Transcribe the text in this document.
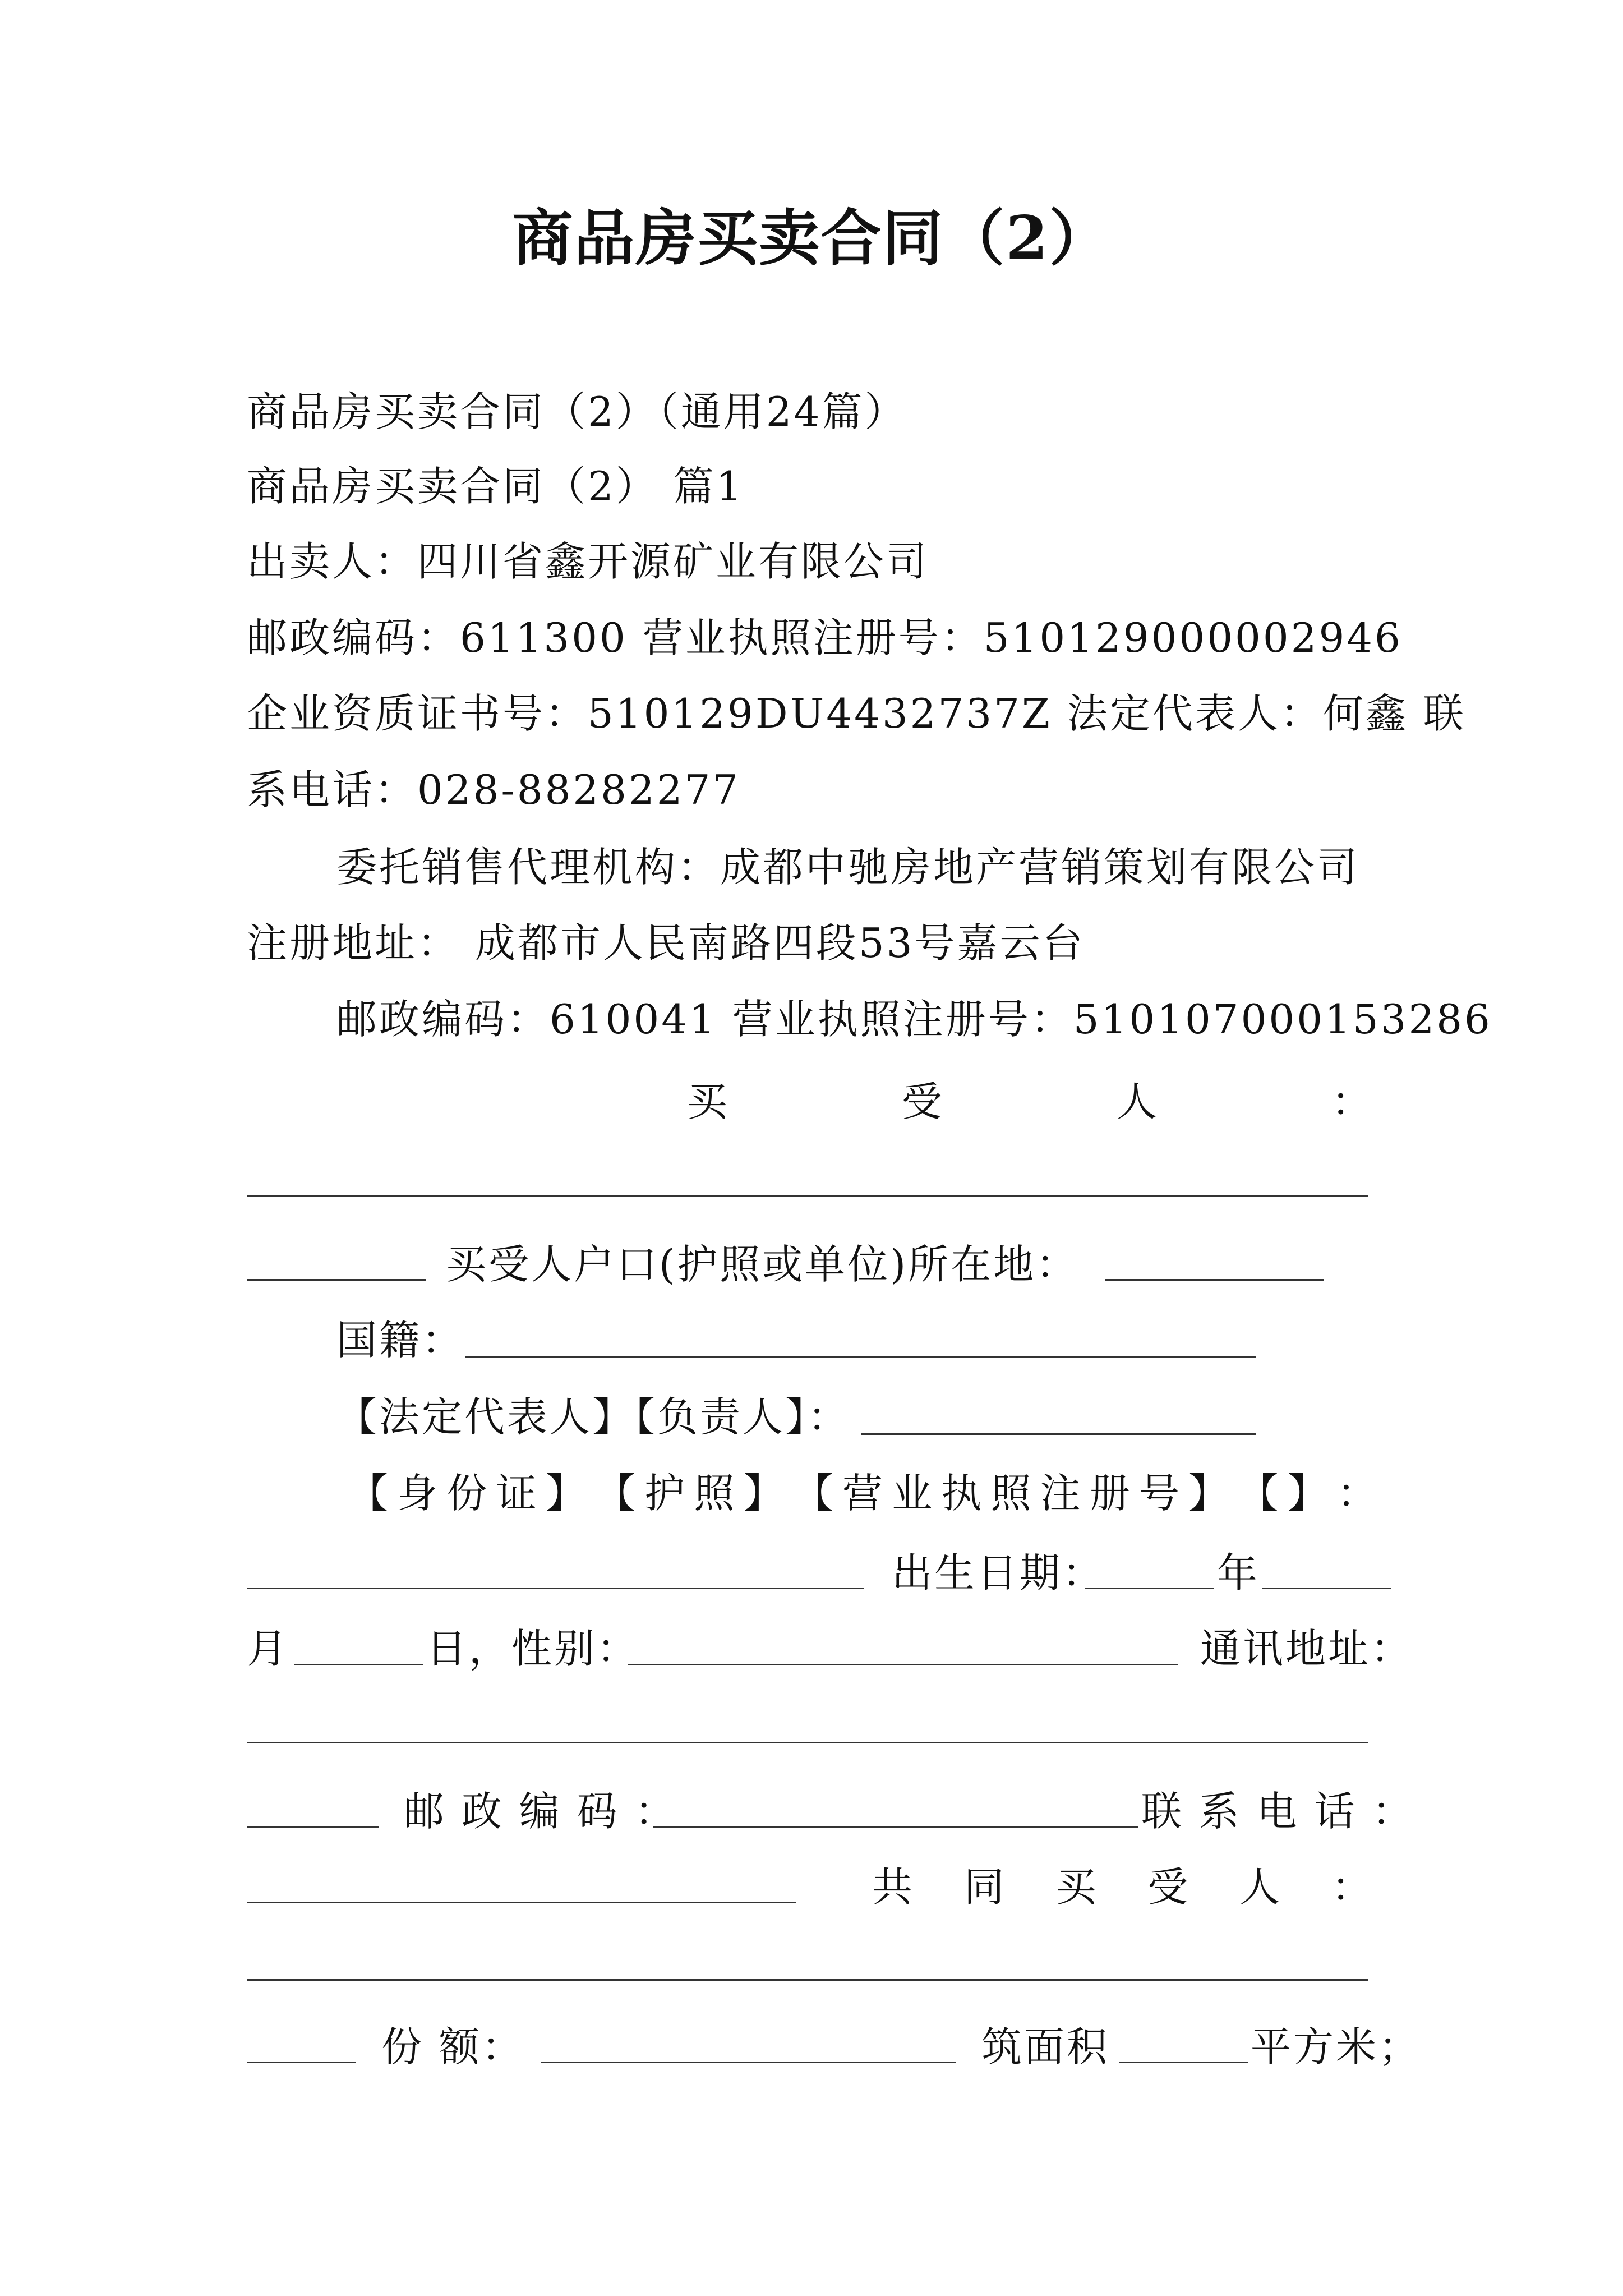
商品房买卖合同（2）
商品房买卖合同（2）（通用24篇）
商品房买卖合同（2） 篇1
出卖人：四川省鑫开源矿业有限公司
邮政编码：611300 营业执照注册号：510129000002946
企业资质证书号：510129DU4432737Z 法定代表人：何鑫 联
系电话：028-88282277
委托销售代理机构：成都中驰房地产营销策划有限公司
注册地址： 成都市人民南路四段53号嘉云台
邮政编码：610041 营业执照注册号：510107000153286
买	受	人	：
买受人户口(护照或单位)所在地：
国籍：
【法定代表人】【负责人】：
【 身 份 证 】 【 护 照 】 【 营 业 执 照 注 册 号 】 【 】 ：
出生日期：	年
月	日，性别：	通讯地址：
邮 政 编 码 ：	联 系 电 话 ：
共 同 买 受 人 ：
份 额：	筑面积	平方米；
